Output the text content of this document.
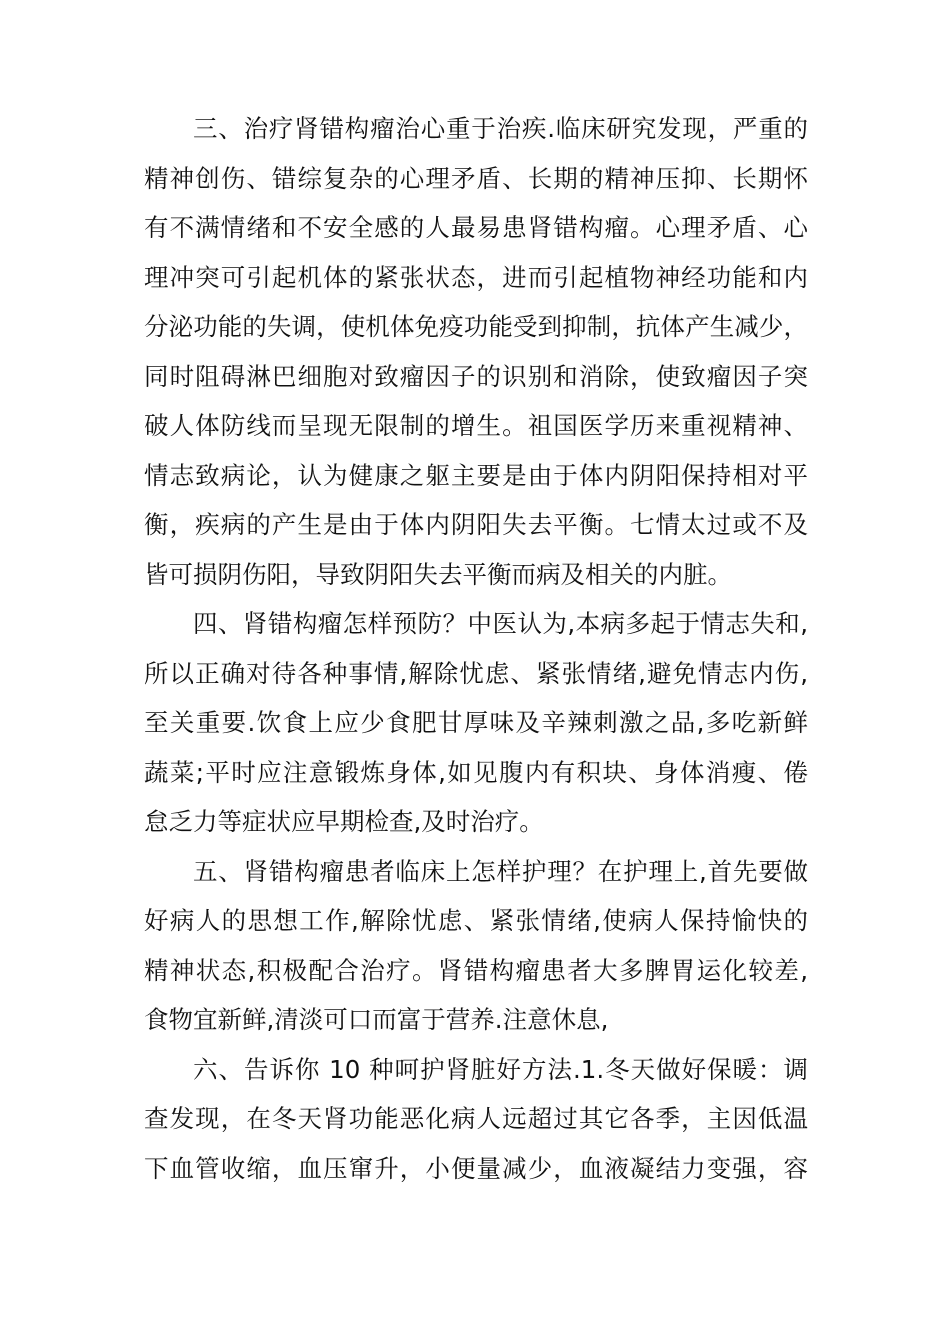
三、治疗肾错构瘤治心重于治疾.临床研究发现，严重的
精神创伤、错综复杂的心理矛盾、长期的精神压抑、长期怀
有不满情绪和不安全感的人最易患肾错构瘤。心理矛盾、心
理冲突可引起机体的紧张状态，进而引起植物神经功能和内
分泌功能的失调，使机体免疫功能受到抑制，抗体产生减少，
同时阻碍淋巴细胞对致瘤因子的识别和消除，使致瘤因子突
破人体防线而呈现无限制的增生。祖国医学历来重视精神、
情志致病论，认为健康之躯主要是由于体内阴阳保持相对平
衡，疾病的产生是由于体内阴阳失去平衡。七情太过或不及
皆可损阴伤阳，导致阴阳失去平衡而病及相关的内脏。
四、肾错构瘤怎样预防？中医认为,本病多起于情志失和,
所以正确对待各种事情,解除忧虑、紧张情绪,避免情志内伤,
至关重要.饮食上应少食肥甘厚味及辛辣刺激之品,多吃新鲜
蔬菜;平时应注意锻炼身体,如见腹内有积块、身体消瘦、倦
怠乏力等症状应早期检查,及时治疗。
五、肾错构瘤患者临床上怎样护理？在护理上,首先要做
好病人的思想工作,解除忧虑、紧张情绪,使病人保持愉快的
精神状态,积极配合治疗。肾错构瘤患者大多脾胃运化较差,
食物宜新鲜,清淡可口而富于营养.注意休息,
六、告诉你 10 种呵护肾脏好方法.1.冬天做好保暖：调
查发现，在冬天肾功能恶化病人远超过其它各季，主因低温
下血管收缩，血压窜升，小便量减少，血液凝结力变强，容
